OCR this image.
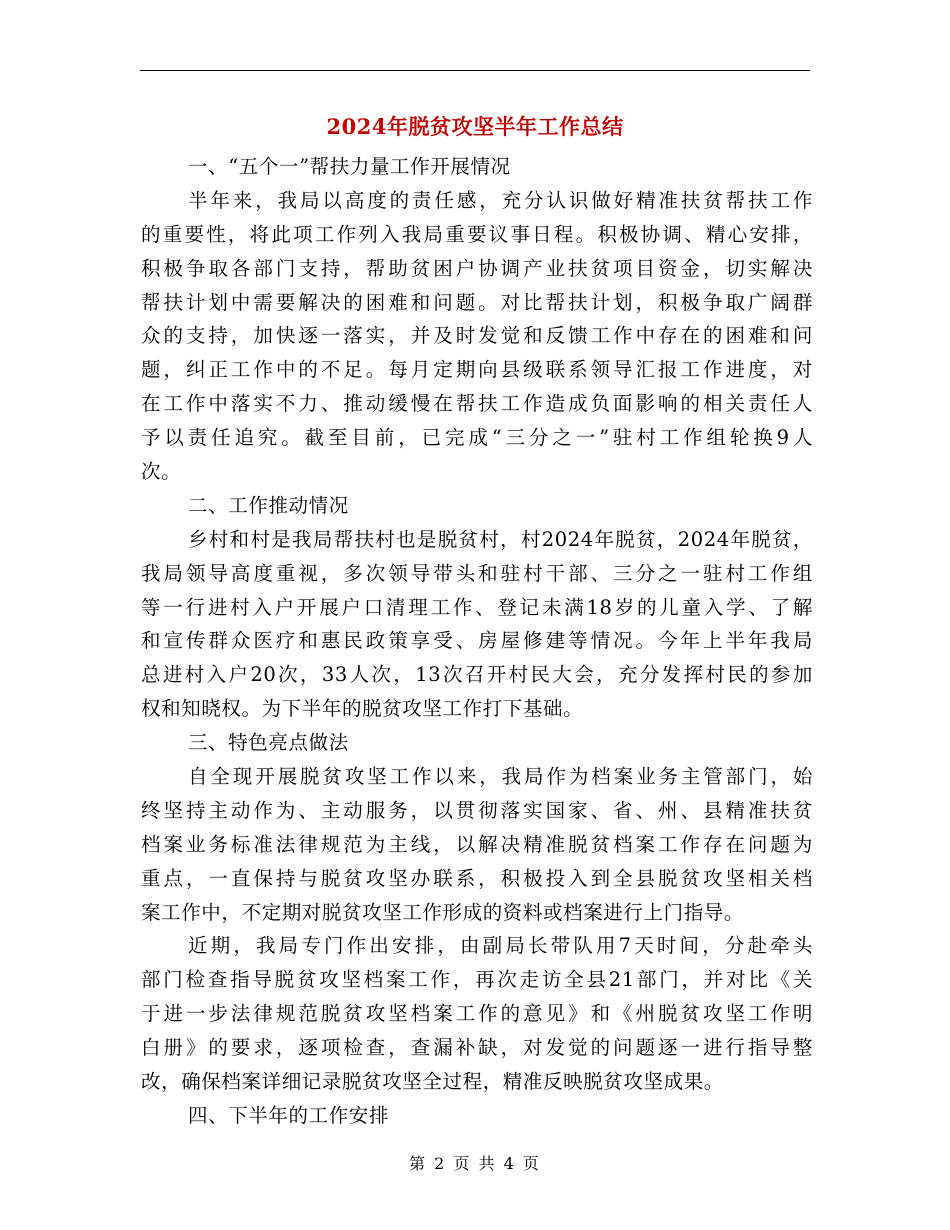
2024年脱贫攻坚半年工作总结
一、“五个一”帮扶力量工作开展情况
半年来，我局以高度的责任感，充分认识做好精准扶贫帮扶工作
的重要性，将此项工作列入我局重要议事日程。积极协调、精心安排，
积极争取各部门支持，帮助贫困户协调产业扶贫项目资金，切实解决
帮扶计划中需要解决的困难和问题。对比帮扶计划，积极争取广阔群
众的支持，加快逐一落实，并及时发觉和反馈工作中存在的困难和问
题，纠正工作中的不足。每月定期向县级联系领导汇报工作进度，对
在工作中落实不力、推动缓慢在帮扶工作造成负面影响的相关责任人
予以责任追究。截至目前，已完成“三分之一”驻村工作组轮换9人
次。
二、工作推动情况
乡村和村是我局帮扶村也是脱贫村，村2024年脱贫，2024年脱贫，
我局领导高度重视，多次领导带头和驻村干部、三分之一驻村工作组
等一行进村入户开展户口清理工作、登记未满18岁的儿童入学、了解
和宣传群众医疗和惠民政策享受、房屋修建等情况。今年上半年我局
总进村入户20次，33人次，13次召开村民大会，充分发挥村民的参加
权和知晓权。为下半年的脱贫攻坚工作打下基础。
三、特色亮点做法
自全现开展脱贫攻坚工作以来，我局作为档案业务主管部门，始
终坚持主动作为、主动服务，以贯彻落实国家、省、州、县精准扶贫
档案业务标准法律规范为主线，以解决精准脱贫档案工作存在问题为
重点，一直保持与脱贫攻坚办联系，积极投入到全县脱贫攻坚相关档
案工作中，不定期对脱贫攻坚工作形成的资料或档案进行上门指导。
近期，我局专门作出安排，由副局长带队用7天时间，分赴牵头
部门检查指导脱贫攻坚档案工作，再次走访全县21部门，并对比《关
于进一步法律规范脱贫攻坚档案工作的意见》和《州脱贫攻坚工作明
白册》的要求，逐项检查，查漏补缺，对发觉的问题逐一进行指导整
改，确保档案详细记录脱贫攻坚全过程，精准反映脱贫攻坚成果。
四、下半年的工作安排
第 2 页 共 4 页
